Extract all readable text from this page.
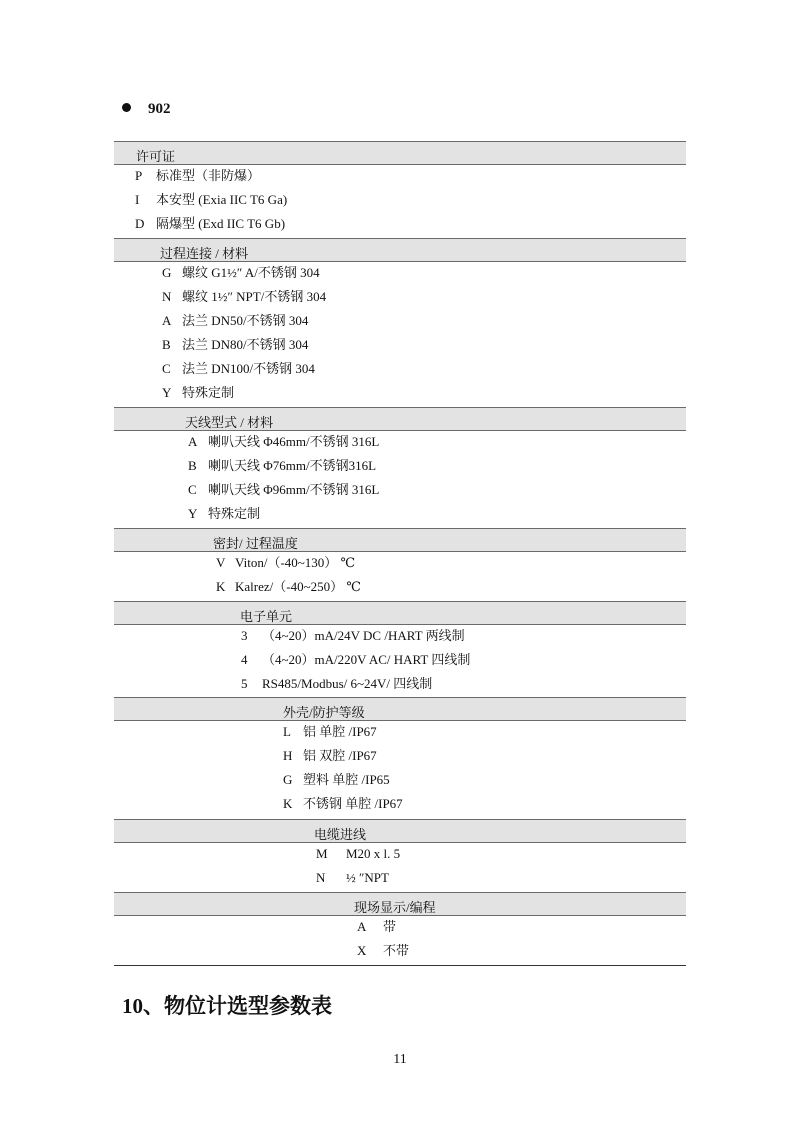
902
许可证
P 标准型（非防爆）
I 本安型 (Exia IIC T6 Ga)
D 隔爆型 (Exd IIC T6 Gb)
过程连接 / 材料
G 螺纹 G1½″ A/不锈钢 304
N 螺纹 1½″ NPT/不锈钢 304
A 法兰 DN50/不锈钢 304
B 法兰 DN80/不锈钢 304
C 法兰 DN100/不锈钢 304
Y 特殊定制
天线型式 / 材料
A 喇叭天线 Φ46mm/不锈钢 316L
B 喇叭天线 Φ76mm/不锈钢316L
C 喇叭天线 Φ96mm/不锈钢 316L
Y 特殊定制
密封/ 过程温度
V Viton/（-40~130） ℃
K Kalrez/（-40~250） ℃
电子单元
3 （4~20）mA/24V DC /HART 两线制
4 （4~20）mA/220V AC/ HART 四线制
5 RS485/Modbus/ 6~24V/ 四线制
外壳/防护等级
L 铝 单腔 /IP67
H 铝 双腔 /IP67
G 塑料 单腔 /IP65
K 不锈钢 单腔 /IP67
电缆进线
M M20 x l. 5
N ½ ″NPT
现场显示/编程
A 带
X 不带
10、物位计选型参数表
11
